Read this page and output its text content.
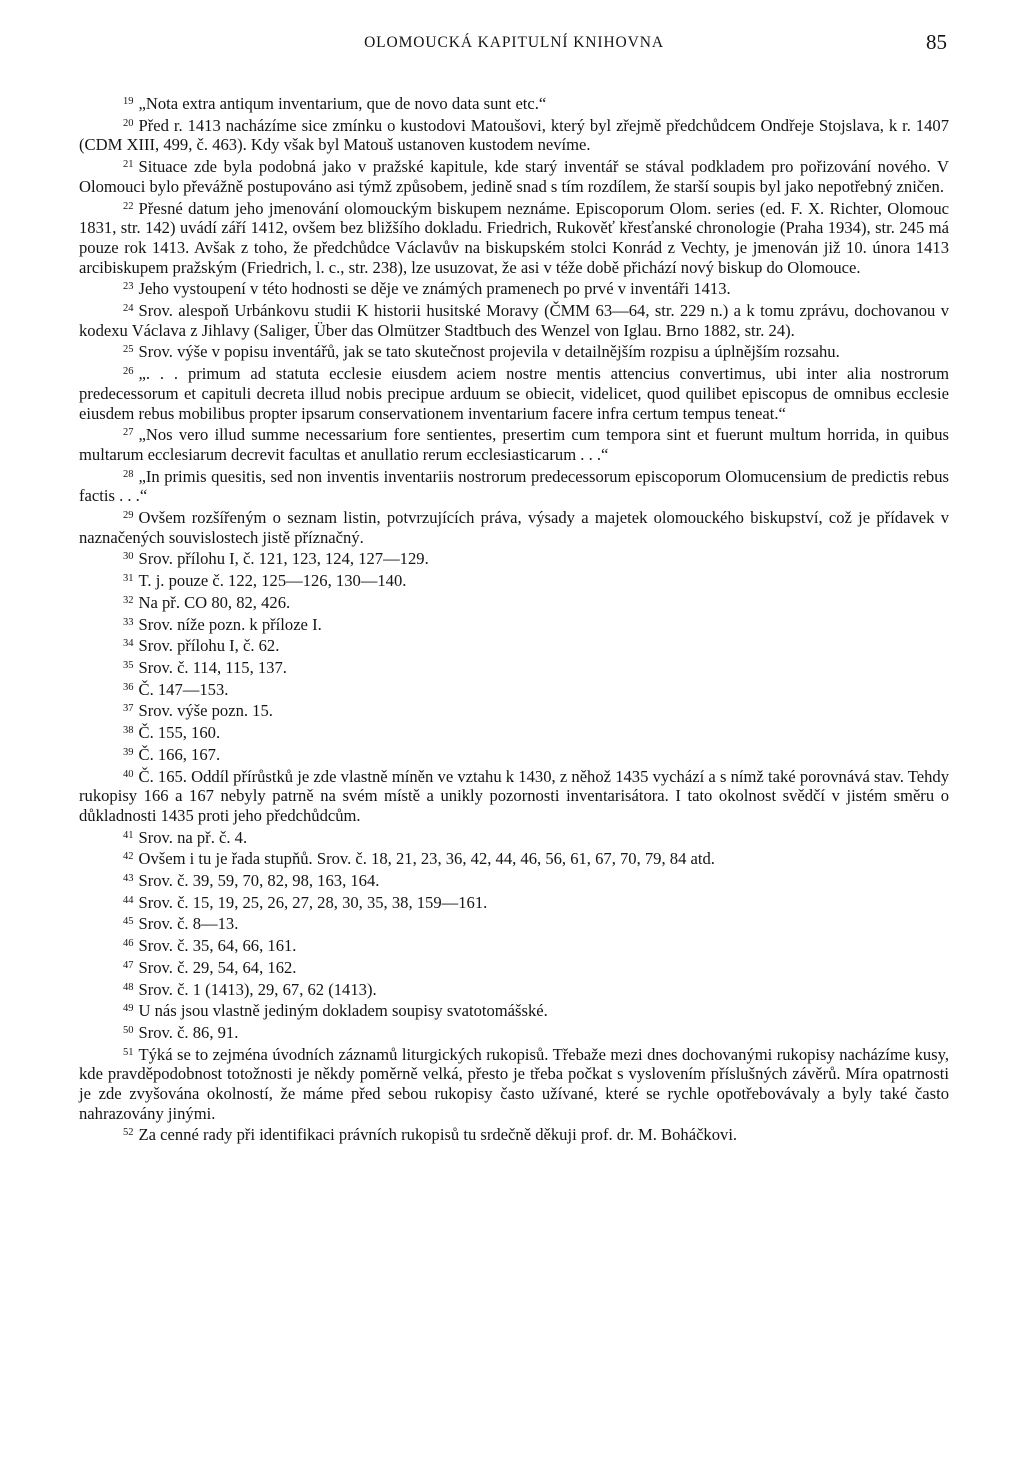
OLOMOUCKÁ KAPITULNÍ KNIHOVNA	85

$^{19}$ „Nota extra antiqum inventarium, que de novo data sunt etc.“

$^{20}$ Před r. 1413 nacházíme sice zmínku o kustodovi Matoušovi, který byl zřejmě předchůdcem Ondřeje Stojslava, k r. 1407 (CDM XIII, 499, č. 463). Kdy však byl Matouš ustanoven kustodem nevíme.

$^{21}$ Situace zde byla podobná jako v pražské kapitule, kde starý inventář se stával podkladem pro pořizování nového. V Olomouci bylo převážně postupováno asi týmž způsobem, jedině snad s tím rozdílem, že starší soupis byl jako nepotřebný zničen.

$^{22}$ Přesné datum jeho jmenování olomouckým biskupem neznáme. Episcoporum Olom. series (ed. F. X. Richter, Olomouc 1831, str. 142) uvádí září 1412, ovšem bez bližšího dokladu. Friedrich, Rukověť křesťanské chronologie (Praha 1934), str. 245 má pouze rok 1413. Avšak z toho, že předchůdce Václavův na biskupském stolci Konrád z Vechty, je jmenován již 10. února 1413 arcibiskupem pražským (Friedrich, l. c., str. 238), lze usuzovat, že asi v téže době přichází nový biskup do Olomouce.

$^{23}$ Jeho vystoupení v této hodnosti se děje ve známých pramenech po prvé v inventáři 1413.

$^{24}$ Srov. alespoň Urbánkovu studii K historii husitské Moravy (ČMM 63—64, str. 229 n.) a k tomu zprávu, dochovanou v kodexu Václava z Jihlavy (Saliger, Über das Olmützer Stadtbuch des Wenzel von Iglau. Brno 1882, str. 24).

$^{25}$ Srov. výše v popisu inventářů, jak se tato skutečnost projevila v detailnějším rozpisu a úplnějším rozsahu.

$^{26}$ „. . . primum ad statuta ecclesie eiusdem aciem nostre mentis attencius convertimus, ubi inter alia nostrorum predecessorum et capituli decreta illud nobis precipue arduum se obiecit, videlicet, quod quilibet episcopus de omnibus ecclesie eiusdem rebus mobilibus propter ipsarum conservationem inventarium facere infra certum tempus teneat.“

$^{27}$ „Nos vero illud summe necessarium fore sentientes, presertim cum tempora sint et fuerunt multum horrida, in quibus multarum ecclesiarum decrevit facultas et anullatio rerum ecclesiasticarum . . .“

$^{28}$ „In primis quesitis, sed non inventis inventariis nostrorum predecessorum episcoporum Olomucensium de predictis rebus factis . . .“

$^{29}$ Ovšem rozšířeným o seznam listin, potvrzujících práva, výsady a majetek olomouckého biskupství, což je přídavek v naznačených souvislostech jistě příznačný.

$^{30}$ Srov. přílohu I, č. 121, 123, 124, 127—129.

$^{31}$ T. j. pouze č. 122, 125—126, 130—140.

$^{32}$ Na př. CO 80, 82, 426.

$^{33}$ Srov. níže pozn. k příloze I.

$^{34}$ Srov. přílohu I, č. 62.

$^{35}$ Srov. č. 114, 115, 137.

$^{36}$ Č. 147—153.

$^{37}$ Srov. výše pozn. 15.

$^{38}$ Č. 155, 160.

$^{39}$ Č. 166, 167.

$^{40}$ Č. 165. Oddíl přírůstků je zde vlastně míněn ve vztahu k 1430, z něhož 1435 vychází a s nímž také porovnává stav. Tehdy rukopisy 166 a 167 nebyly patrně na svém místě a unikly pozornosti inventarisátora. I tato okolnost svědčí v jistém směru o důkladnosti 1435 proti jeho předchůdcům.

$^{41}$ Srov. na př. č. 4.

$^{42}$ Ovšem i tu je řada stupňů. Srov. č. 18, 21, 23, 36, 42, 44, 46, 56, 61, 67, 70, 79, 84 atd.

$^{43}$ Srov. č. 39, 59, 70, 82, 98, 163, 164.

$^{44}$ Srov. č. 15, 19, 25, 26, 27, 28, 30, 35, 38, 159—161.

$^{45}$ Srov. č. 8—13.

$^{46}$ Srov. č. 35, 64, 66, 161.

$^{47}$ Srov. č. 29, 54, 64, 162.

$^{48}$ Srov. č. 1 (1413), 29, 67, 62 (1413).

$^{49}$ U nás jsou vlastně jediným dokladem soupisy svatotomášské.

$^{50}$ Srov. č. 86, 91.

$^{51}$ Týká se to zejména úvodních záznamů liturgických rukopisů. Třebaže mezi dnes dochovanými rukopisy nacházíme kusy, kde pravděpodobnost totožnosti je někdy poměrně velká, přesto je třeba počkat s vyslovením příslušných závěrů. Míra opatrnosti je zde zvyšována okolností, že máme před sebou rukopisy často užívané, které se rychle opotřebovávaly a byly také často nahrazovány jinými.

$^{52}$ Za cenné rady při identifikaci právních rukopisů tu srdečně děkuji prof. dr. M. Boháčkovi.
